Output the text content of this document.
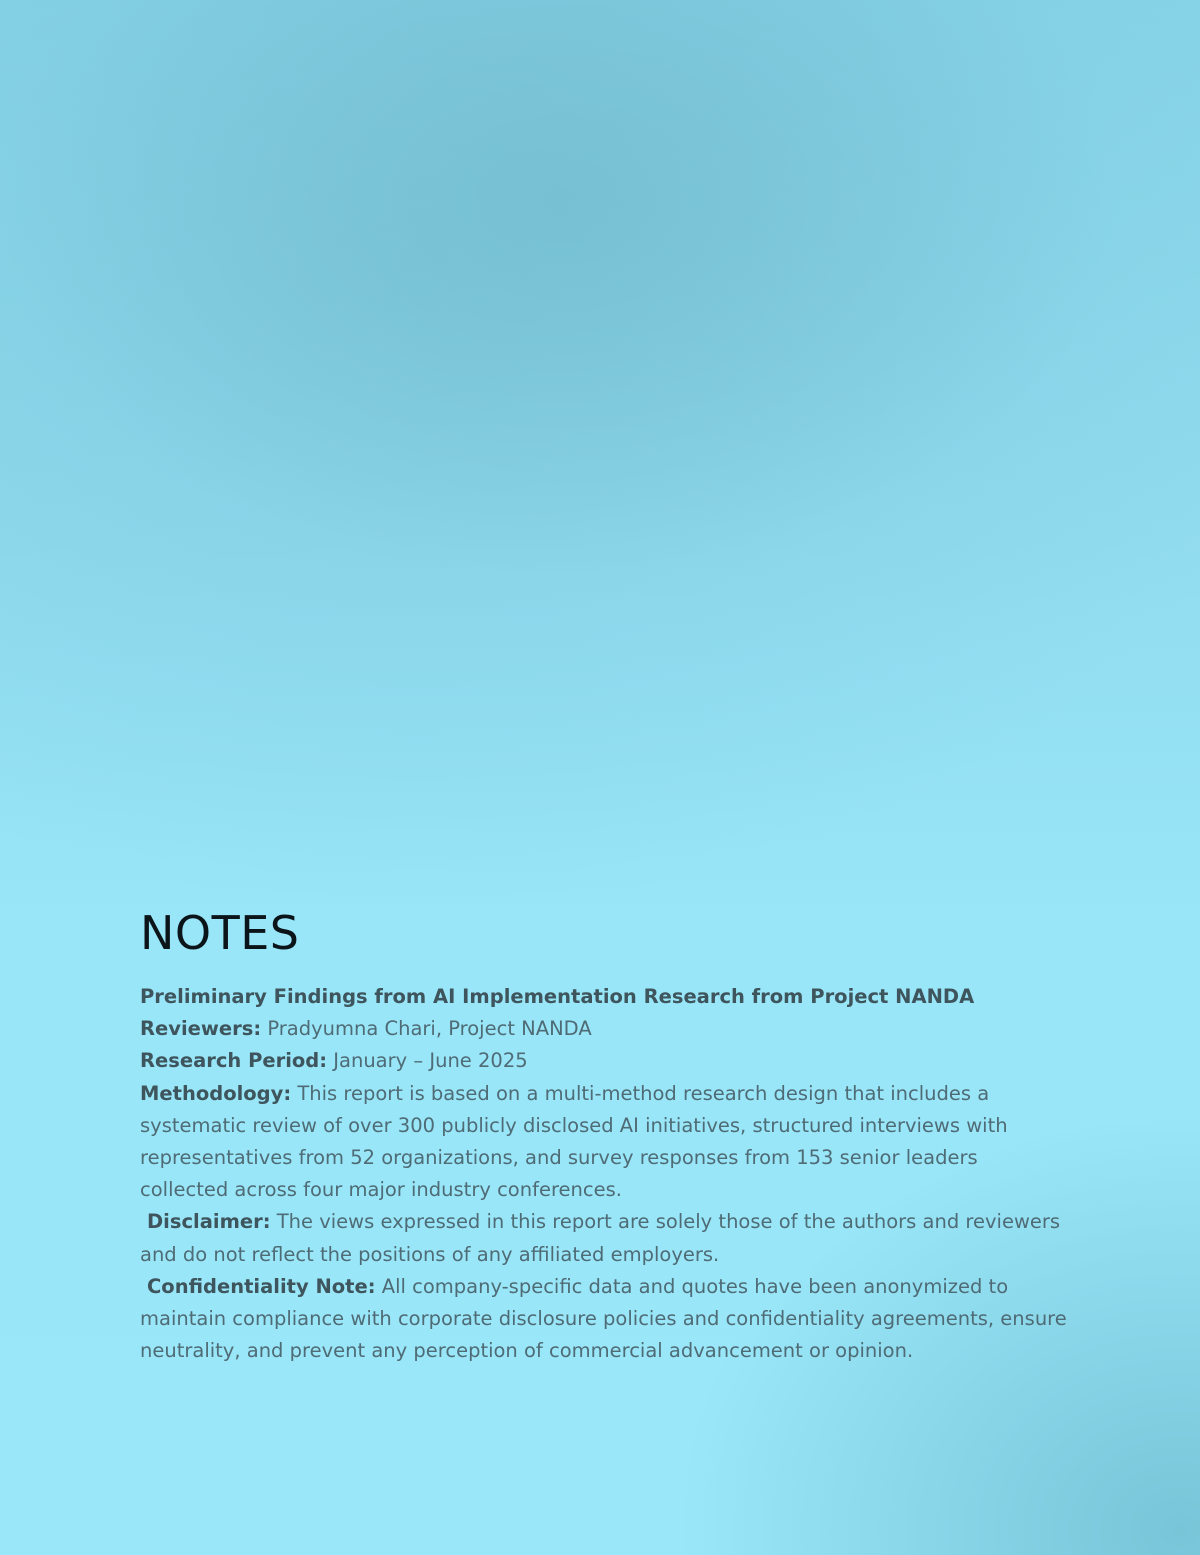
NOTES
Preliminary Findings from AI Implementation Research from Project NANDA
Reviewers: Pradyumna Chari, Project NANDA
Research Period: January – June 2025
Methodology: This report is based on a multi-method research design that includes a systematic review of over 300 publicly disclosed AI initiatives, structured interviews with representatives from 52 organizations, and survey responses from 153 senior leaders collected across four major industry conferences.
Disclaimer: The views expressed in this report are solely those of the authors and reviewers and do not reflect the positions of any affiliated employers.
Confidentiality Note: All company-specific data and quotes have been anonymized to maintain compliance with corporate disclosure policies and confidentiality agreements, ensure neutrality, and prevent any perception of commercial advancement or opinion.
